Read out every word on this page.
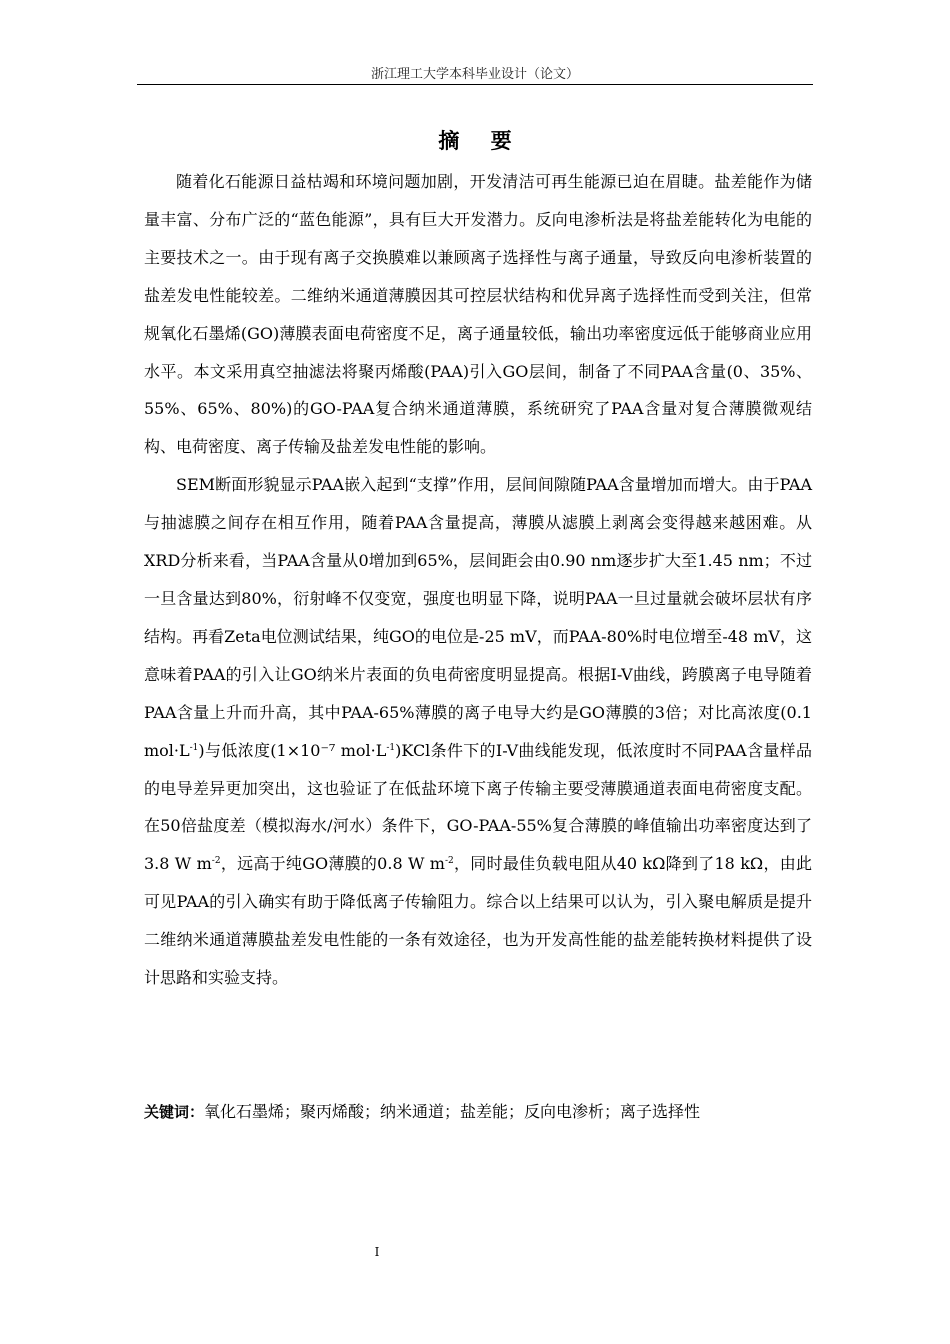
浙江理工大学本科毕业设计（论文）
摘 要

随着化石能源日益枯竭和环境问题加剧，开发清洁可再生能源已迫在眉睫。盐差能作为储量丰富、分布广泛的“蓝色能源”，具有巨大开发潜力。反向电渗析法是将盐差能转化为电能的主要技术之一。由于现有离子交换膜难以兼顾离子选择性与离子通量，导致反向电渗析装置的盐差发电性能较差。二维纳米通道薄膜因其可控层状结构和优异离子选择性而受到关注，但常规氧化石墨烯(GO)薄膜表面电荷密度不足，离子通量较低，输出功率密度远低于能够商业应用水平。本文采用真空抽滤法将聚丙烯酸(PAA)引入GO层间，制备了不同PAA含量(0、35%、55%、65%、80%)的GO-PAA复合纳米通道薄膜，系统研究了PAA含量对复合薄膜微观结构、电荷密度、离子传输及盐差发电性能的影响。

SEM断面形貌显示PAA嵌入起到“支撑”作用，层间间隙随PAA含量增加而增大。由于PAA与抽滤膜之间存在相互作用，随着PAA含量提高，薄膜从滤膜上剥离会变得越来越困难。从XRD分析来看，当PAA含量从0增加到65%，层间距会由0.90 nm逐步扩大至1.45 nm；不过一旦含量达到80%，衍射峰不仅变宽，强度也明显下降，说明PAA一旦过量就会破坏层状有序结构。再看Zeta电位测试结果，纯GO的电位是-25 mV，而PAA-80%时电位增至-48 mV，这意味着PAA的引入让GO纳米片表面的负电荷密度明显提高。根据I-V曲线，跨膜离子电导随着PAA含量上升而升高，其中PAA-65%薄膜的离子电导大约是GO薄膜的3倍；对比高浓度(0.1 $mol\cdot L^{-1}$)与低浓度(1×10⁻⁷ $mol\cdot L^{-1})KCl$条件下的I-V曲线能发现，低浓度时不同PAA含量样品的电导差异更加突出，这也验证了在低盐环境下离子传输主要受薄膜通道表面电荷密度支配。在50倍盐度差（模拟海水/河水）条件下，GO-PAA-55%复合薄膜的峰值输出功率密度达到了3.8 W $m^{-2}$，远高于纯GO薄膜的0.8 W $m^{-2}$，同时最佳负载电阻从40 kΩ降到了18 kΩ，由此可见PAA的引入确实有助于降低离子传输阻力。综合以上结果可以认为，引入聚电解质是提升二维纳米通道薄膜盐差发电性能的一条有效途径，也为开发高性能的盐差能转换材料提供了设计思路和实验支持。

关键词：氧化石墨烯；聚丙烯酸；纳米通道；盐差能；反向电渗析；离子选择性
I
